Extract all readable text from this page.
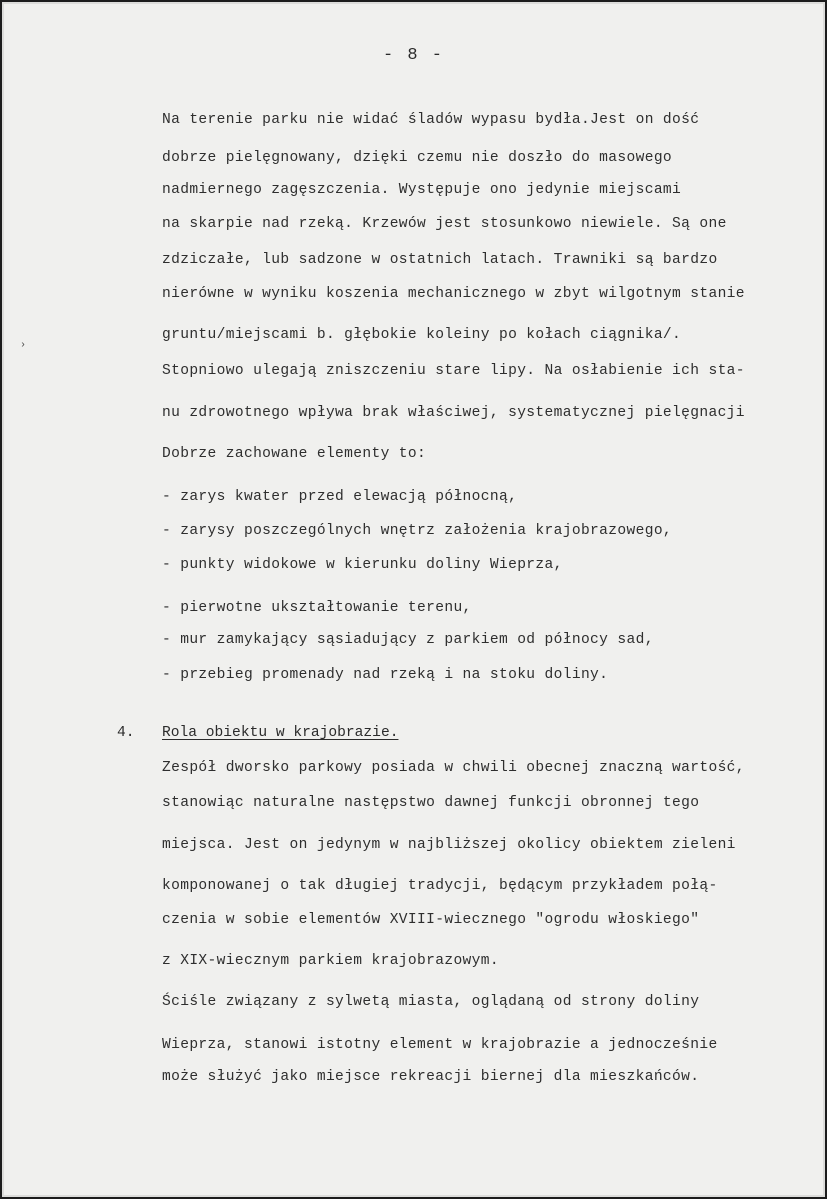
- 8 -
Na terenie parku nie widać śladów wypasu bydła.Jest on dość
dobrze pielęgnowany, dzięki czemu nie doszło do masowego
nadmiernego zagęszczenia. Występuje ono jedynie miejscami
na skarpie nad rzeką. Krzewów jest stosunkowo niewiele. Są one
zdziczałe, lub sadzone w ostatnich latach. Trawniki są bardzo
nierówne w wyniku koszenia mechanicznego w zbyt wilgotnym stanie
gruntu/miejscami b. głębokie koleiny po kołach ciągnika/.
Stopniowo ulegają zniszczeniu stare lipy. Na osłabienie ich sta-
nu zdrowotnego wpływa brak właściwej, systematycznej pielęgnacji
Dobrze zachowane elementy to:
- zarys kwater przed elewacją północną,
- zarysy poszczególnych wnętrz założenia krajobrazowego,
- punkty widokowe w kierunku doliny Wieprza,
- pierwotne ukształtowanie terenu,
- mur zamykający sąsiadujący z parkiem od północy sad,
- przebieg promenady nad rzeką i na stoku doliny.
4. Rola obiektu w krajobrazie.
Zespół dworsko parkowy posiada w chwili obecnej znaczną wartość,
stanowiąc naturalne następstwo dawnej funkcji obronnej tego
miejsca. Jest on jedynym w najbliższej okolicy obiektem zieleni
komponowanej o tak długiej tradycji, będącym przykładem połą-
czenia w sobie elementów XVIII-wiecznego "ogrodu włoskiego"
z XIX-wiecznym parkiem krajobrazowym.
Ściśle związany z sylwetą miasta, oglądaną od strony doliny
Wieprza, stanowi istotny element w krajobrazie a jednocześnie
może służyć jako miejsce rekreacji biernej dla mieszkańców.
›
